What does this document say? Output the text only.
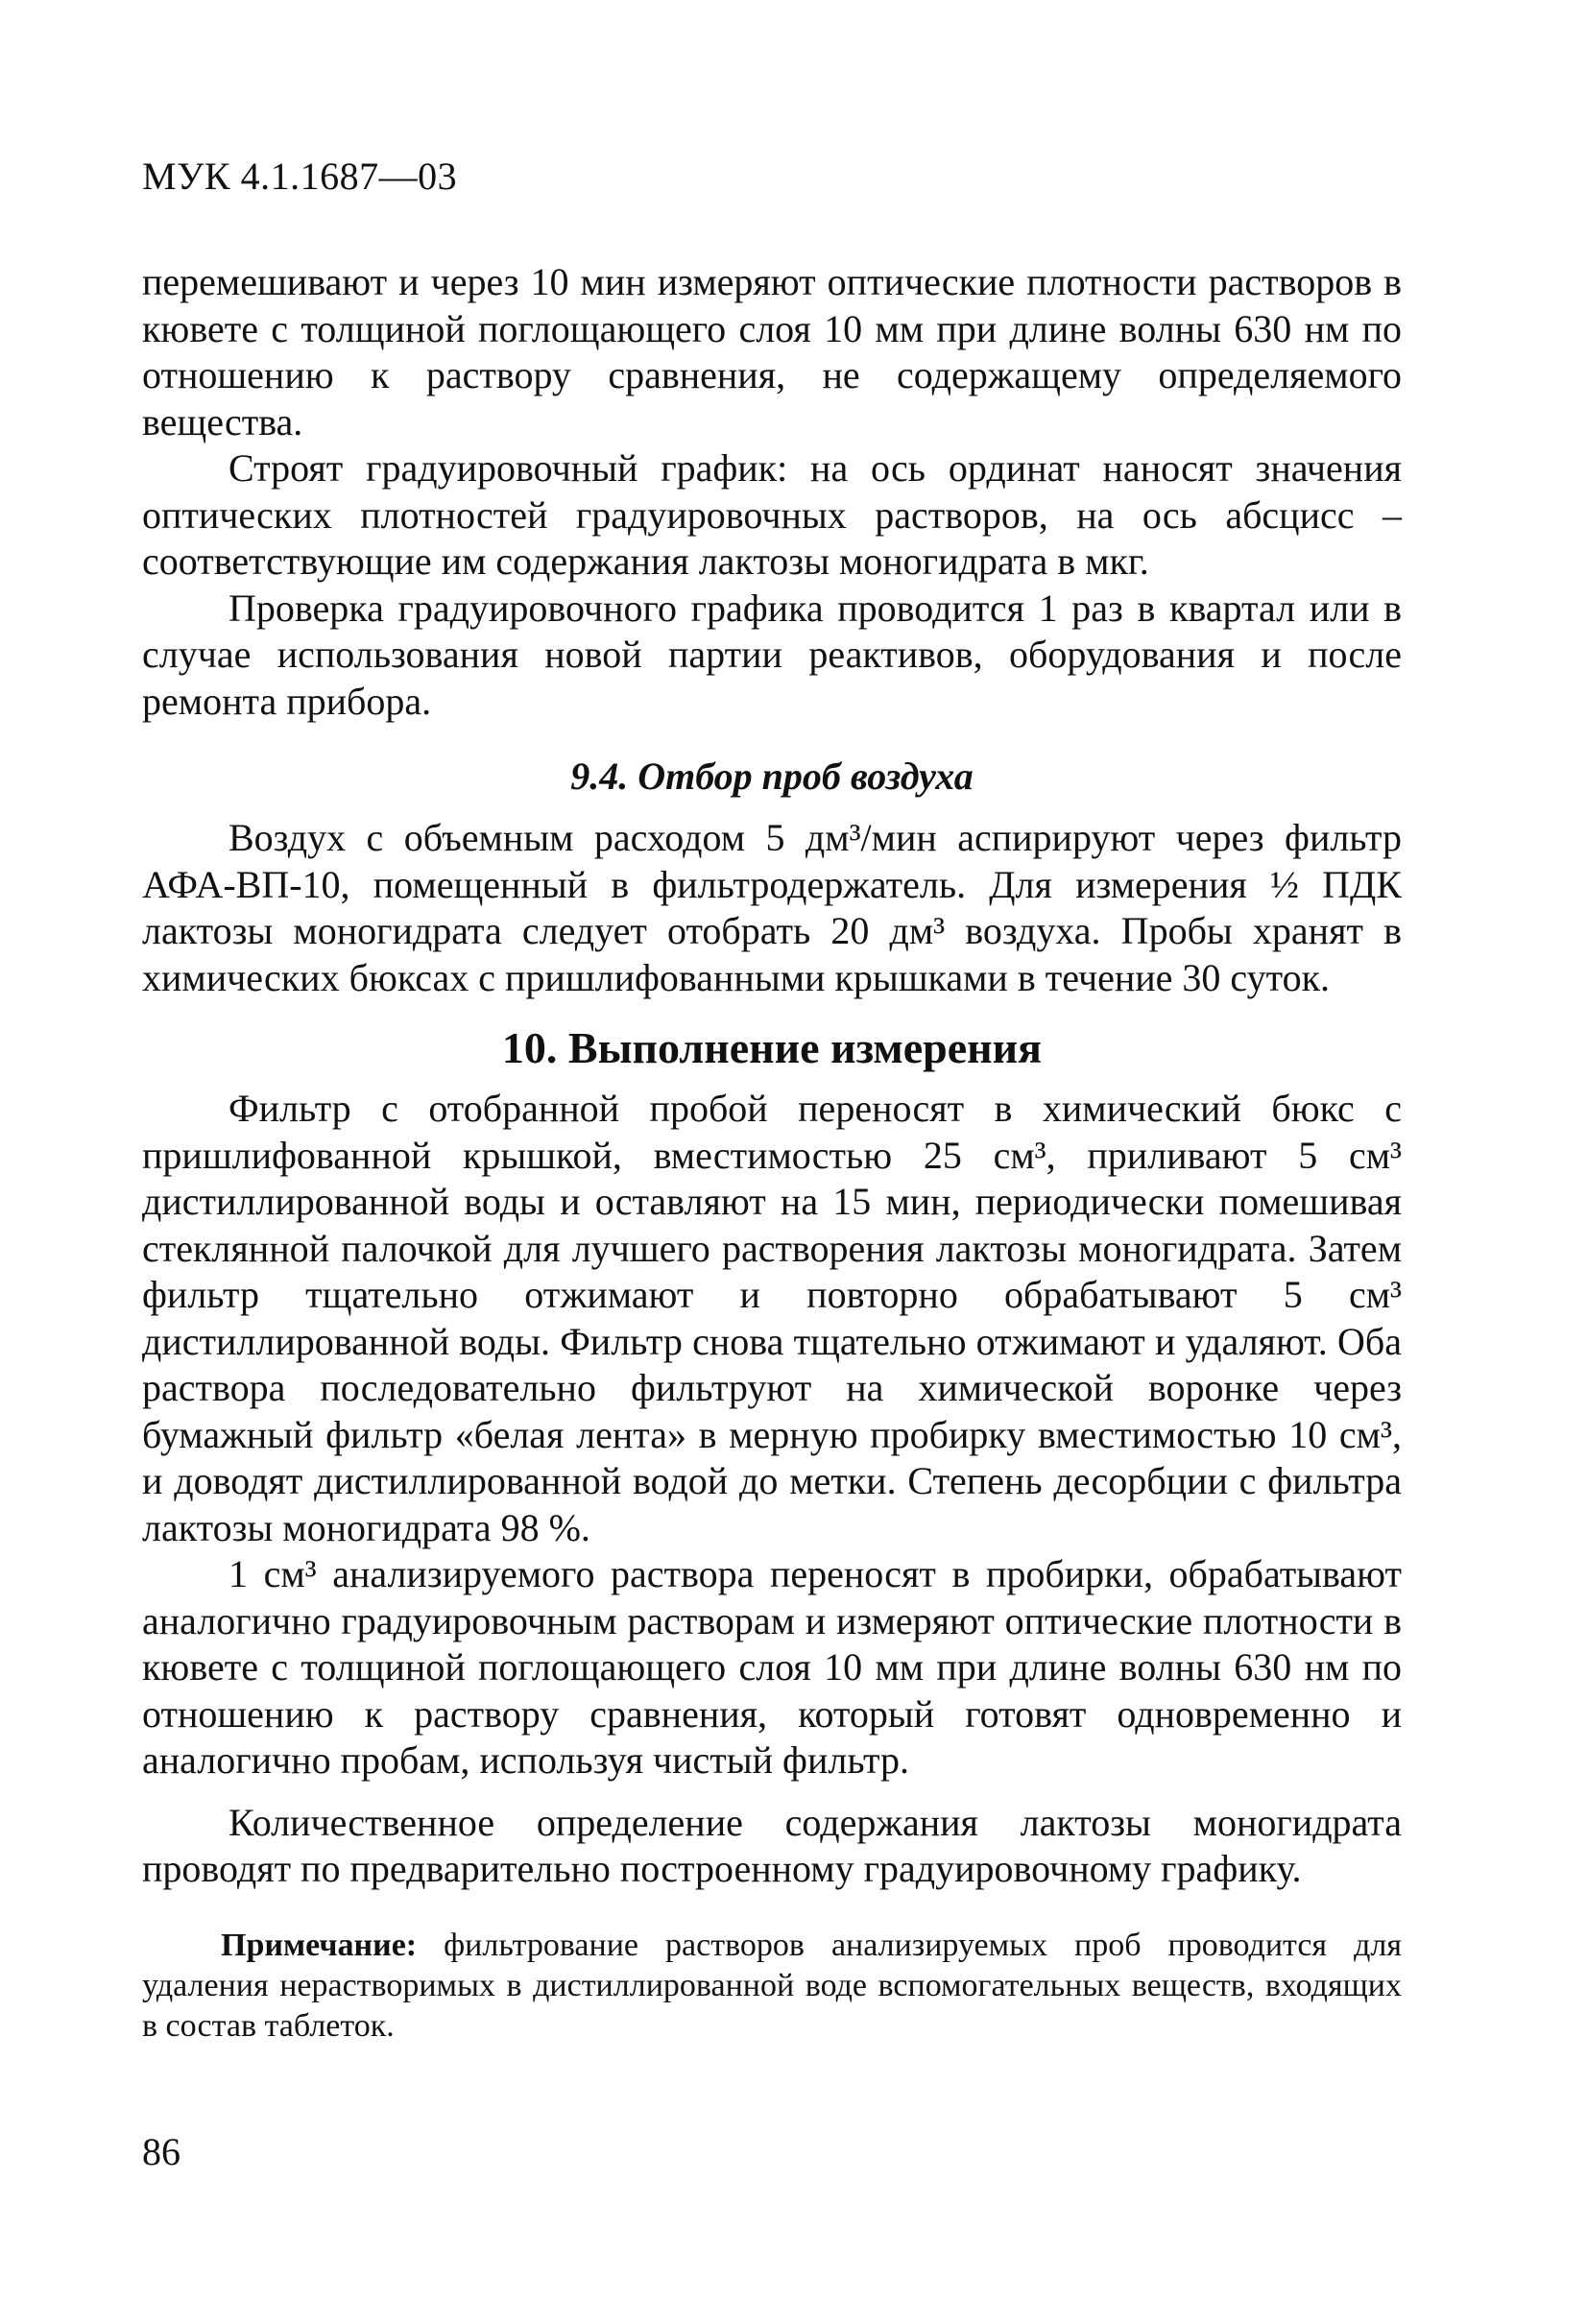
МУК 4.1.1687—03

перемешивают и через 10 мин измеряют оптические плотности растворов в кювете с толщиной поглощающего слоя 10 мм при длине волны 630 нм по отношению к раствору сравнения, не содержащему определяемого вещества.

Строят градуировочный график: на ось ординат наносят значения оптических плотностей градуировочных растворов, на ось абсцисс – соответствующие им содержания лактозы моногидрата в мкг.

Проверка градуировочного графика проводится 1 раз в квартал или в случае использования новой партии реактивов, оборудования и после ремонта прибора.

9.4. Отбор проб воздуха

Воздух с объемным расходом 5 дм³/мин аспирируют через фильтр АФА-ВП-10, помещенный в фильтродержатель. Для измерения ½ ПДК лактозы моногидрата следует отобрать 20 дм³ воздуха. Пробы хранят в химических бюксах с пришлифованными крышками в течение 30 суток.

10. Выполнение измерения

Фильтр с отобранной пробой переносят в химический бюкс с пришлифованной крышкой, вместимостью 25 см³, приливают 5 см³ дистиллированной воды и оставляют на 15 мин, периодически помешивая стеклянной палочкой для лучшего растворения лактозы моногидрата. Затем фильтр тщательно отжимают и повторно обрабатывают 5 см³ дистиллированной воды. Фильтр снова тщательно отжимают и удаляют. Оба раствора последовательно фильтруют на химической воронке через бумажный фильтр «белая лента» в мерную пробирку вместимостью 10 см³, и доводят дистиллированной водой до метки. Степень десорбции с фильтра лактозы моногидрата 98 %.

1 см³ анализируемого раствора переносят в пробирки, обрабатывают аналогично градуировочным растворам и измеряют оптические плотности в кювете с толщиной поглощающего слоя 10 мм при длине волны 630 нм по отношению к раствору сравнения, который готовят одновременно и аналогично пробам, используя чистый фильтр.

Количественное определение содержания лактозы моногидрата проводят по предварительно построенному градуировочному графику.

Примечание: фильтрование растворов анализируемых проб проводится для удаления нерастворимых в дистиллированной воде вспомогательных веществ, входящих в состав таблеток.

86
